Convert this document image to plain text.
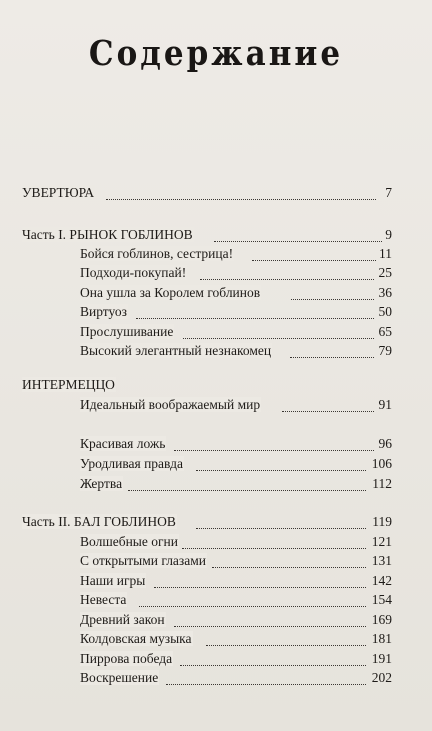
Содержание
УВЕРТЮРА	7
Часть I. РЫНОК ГОБЛИНОВ	9
Бойся гоблинов, сестрица!	11
Подходи-покупай!	25
Она ушла за Королем гоблинов	36
Виртуоз	50
Прослушивание	65
Высокий элегантный незнакомец	79
ИНТЕРМЕЦЦО
Идеальный воображаемый мир	91
Красивая ложь	96
Уродливая правда	106
Жертва	112
Часть II. БАЛ ГОБЛИНОВ	119
Волшебные огни	121
С открытыми глазами	131
Наши игры	142
Невеста	154
Древний закон	169
Колдовская музыка	181
Пиррова победа	191
Воскрешение	202
